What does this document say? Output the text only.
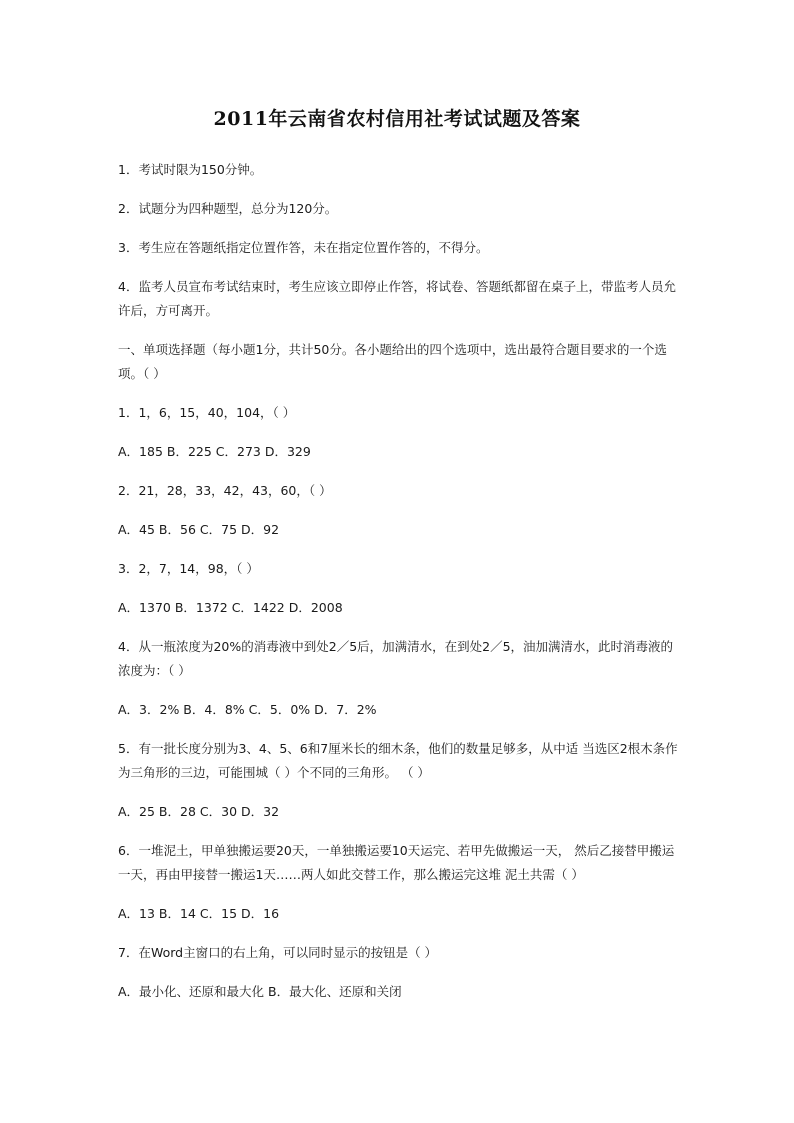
2011年云南省农村信用社考试试题及答案

1．考试时限为150分钟。

2．试题分为四种题型，总分为120分。

3．考生应在答题纸指定位置作答，未在指定位置作答的，不得分。

4．监考人员宣布考试结束时，考生应该立即停止作答，将试卷、答题纸都留在桌子上，带监考人员允许后，方可离开。

一、单项选择题（每小题1分，共计50分。各小题给出的四个选项中，选出最符合题目要求的一个选项。（ ）

1．1，6，15，40，104，（ ）

A．185 B．225 C．273 D．329

2．21，28，33，42，43，60，（ ）

A．45 B．56 C．75 D．92

3．2，7，14，98，（ ）

A．1370 B．1372 C．1422 D．2008

4．从一瓶浓度为20%的消毒液中到处2／5后，加满清水，在到处2／5，油加满清水，此时消毒液的浓度为：（ ）

A．3．2% B．4．8% C．5．0% D．7．2%

5．有一批长度分别为3、4、5、6和7厘米长的细木条，他们的数量足够多，从中适 当选区2根木条作为三角形的三边，可能围城（ ）个不同的三角形。 （ ）

A．25 B．28 C．30 D．32

6．一堆泥土，甲单独搬运要20天，一单独搬运要10天运完、若甲先做搬运一天， 然后乙接替甲搬运一天，再由甲接替一搬运1天……两人如此交替工作，那么搬运完这堆 泥土共需（ ）

A．13 B．14 C．15 D．16

7．在Word主窗口的右上角，可以同时显示的按钮是（ ）

A．最小化、还原和最大化 B．最大化、还原和关闭
